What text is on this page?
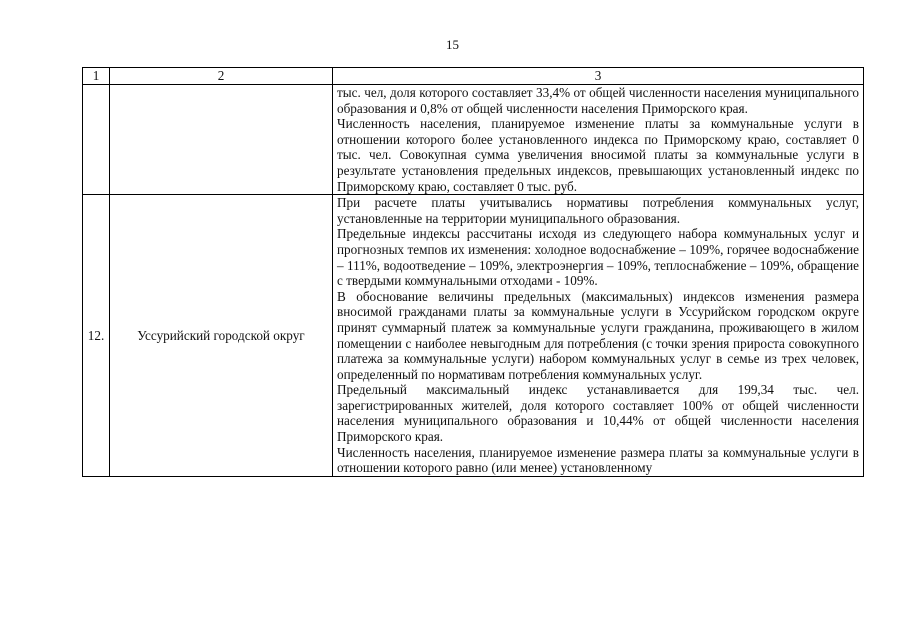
15
1	2	3

		тыс. чел, доля которого составляет 33,4% от общей численности населения муниципального образования и 0,8% от общей численности населения Приморского края.

Численность населения, планируемое изменение платы за коммунальные услуги в отношении которого более установленного индекса по Приморскому краю, составляет 0 тыс. чел. Совокупная сумма увеличения вносимой платы за коммунальные услуги в результате установления предельных индексов, превышающих установленный индекс по Приморскому краю, составляет 0 тыс. руб.

12.	Уссурийский городской округ	При расчете платы учитывались нормативы потребления коммунальных услуг, установленные на территории муниципального образования.

Предельные индексы рассчитаны исходя из следующего набора коммунальных услуг и прогнозных темпов их изменения: холодное водоснабжение – 109%, горячее водоснабжение – 111%, водоотведение – 109%, электроэнергия – 109%, теплоснабжение – 109%, обращение с твердыми коммунальными отходами - 109%.

В обоснование величины предельных (максимальных) индексов изменения размера вносимой гражданами платы за коммунальные услуги в Уссурийском городском округе принят суммарный платеж за коммунальные услуги гражданина, проживающего в жилом помещении с наиболее невыгодным для потребления (с точки зрения прироста совокупного платежа за коммунальные услуги) набором коммунальных услуг в семье из трех человек, определенный по нормативам потребления коммунальных услуг.

Предельный максимальный индекс устанавливается для 199,34 тыс. чел. зарегистрированных жителей, доля которого составляет 100% от общей численности населения муниципального образования и 10,44% от общей численности населения Приморского края.

Численность населения, планируемое изменение размера платы за коммунальные услуги в отношении которого равно (или менее) установленному
